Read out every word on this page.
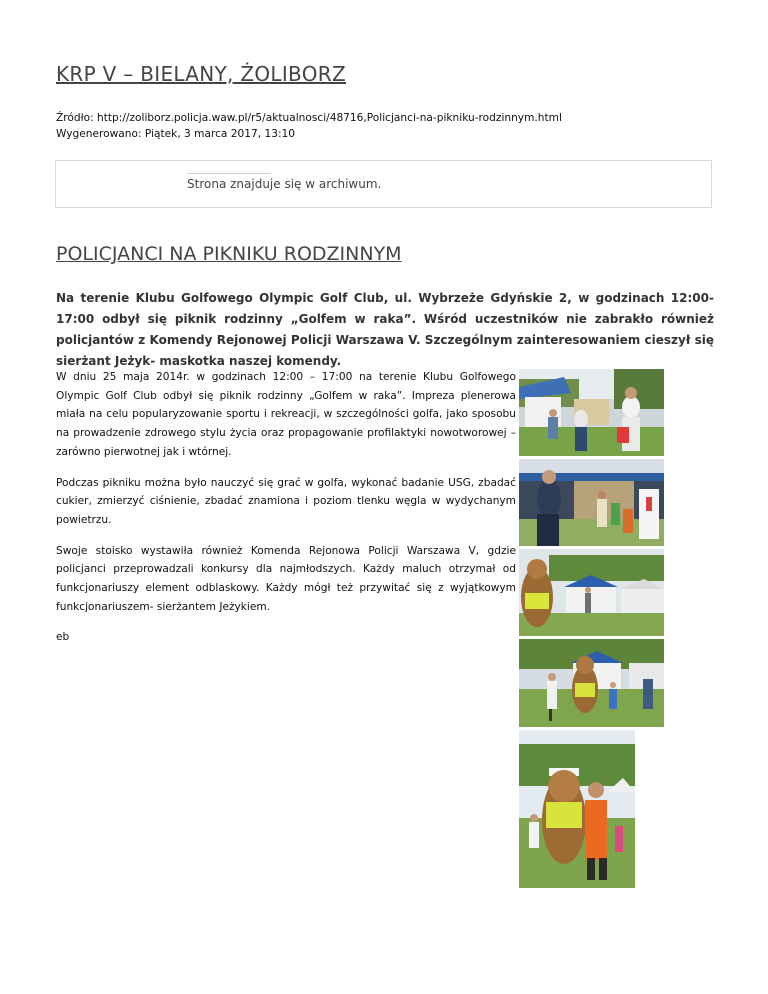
KRP V – BIELANY, ŻOLIBORZ
Źródło: http://zoliborz.policja.waw.pl/r5/aktualnosci/48716,Policjanci-na-pikniku-rodzinnym.html
Wygenerowano: Piątek, 3 marca 2017, 13:10
Strona znajduje się w archiwum.
POLICJANCI NA PIKNIKU RODZINNYM

Na terenie Klubu Golfowego Olympic Golf Club, ul. Wybrzeże Gdyńskie 2, w godzinach 12:00-17:00 odbył się piknik rodzinny „Golfem w raka”. Wśród uczestników nie zabrakło również policjantów z Komendy Rejonowej Policji Warszawa V. Szczególnym zainteresowaniem cieszył się sierżant Jeżyk- maskotka naszej komendy.

W dniu 25 maja 2014r. w godzinach 12:00 – 17:00 na terenie Klubu Golfowego Olympic Golf Club odbył się piknik rodzinny „Golfem w raka”. Impreza plenerowa miała na celu popularyzowanie sportu i rekreacji, w szczególności golfa, jako sposobu na prowadzenie zdrowego stylu życia oraz propagowanie profilaktyki nowotworowej – zarówno pierwotnej jak i wtórnej.

Podczas pikniku można było nauczyć się grać w golfa, wykonać badanie USG, zbadać cukier, zmierzyć ciśnienie, zbadać znamiona i poziom tlenku węgla w wydychanym powietrzu.

Swoje stoisko wystawiła również Komenda Rejonowa Policji Warszawa V, gdzie policjanci przeprowadzali konkursy dla najmłodszych. Każdy maluch otrzymał od funkcjonariuszy element odblaskowy. Każdy mógł też przywitać się z wyjątkowym funkcjonariuszem- sierżantem Jeżykiem.

eb
